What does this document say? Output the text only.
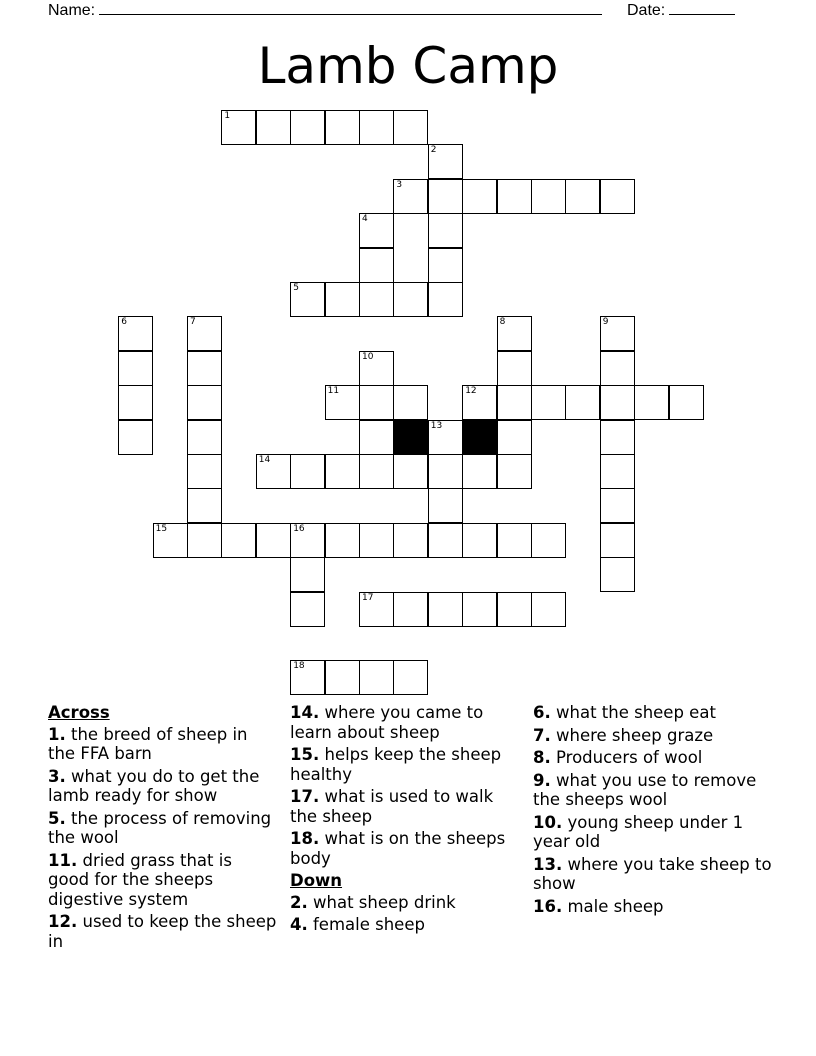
Name:	Date:
Lamb Camp
1
2
3
4
5
6	7	8	9
10
11	12
13
14
15	16
17
18
Across
1. the breed of sheep in the FFA barn
3. what you do to get the lamb ready for show
5. the process of removing the wool
11. dried grass that is good for the sheeps digestive system
12. used to keep the sheep in
14. where you came to learn about sheep
15. helps keep the sheep healthy
17. what is used to walk the sheep
18. what is on the sheeps body
Down
2. what sheep drink
4. female sheep
6. what the sheep eat
7. where sheep graze
8. Producers of wool
9. what you use to remove the sheeps wool
10. young sheep under 1 year old
13. where you take sheep to show
16. male sheep
